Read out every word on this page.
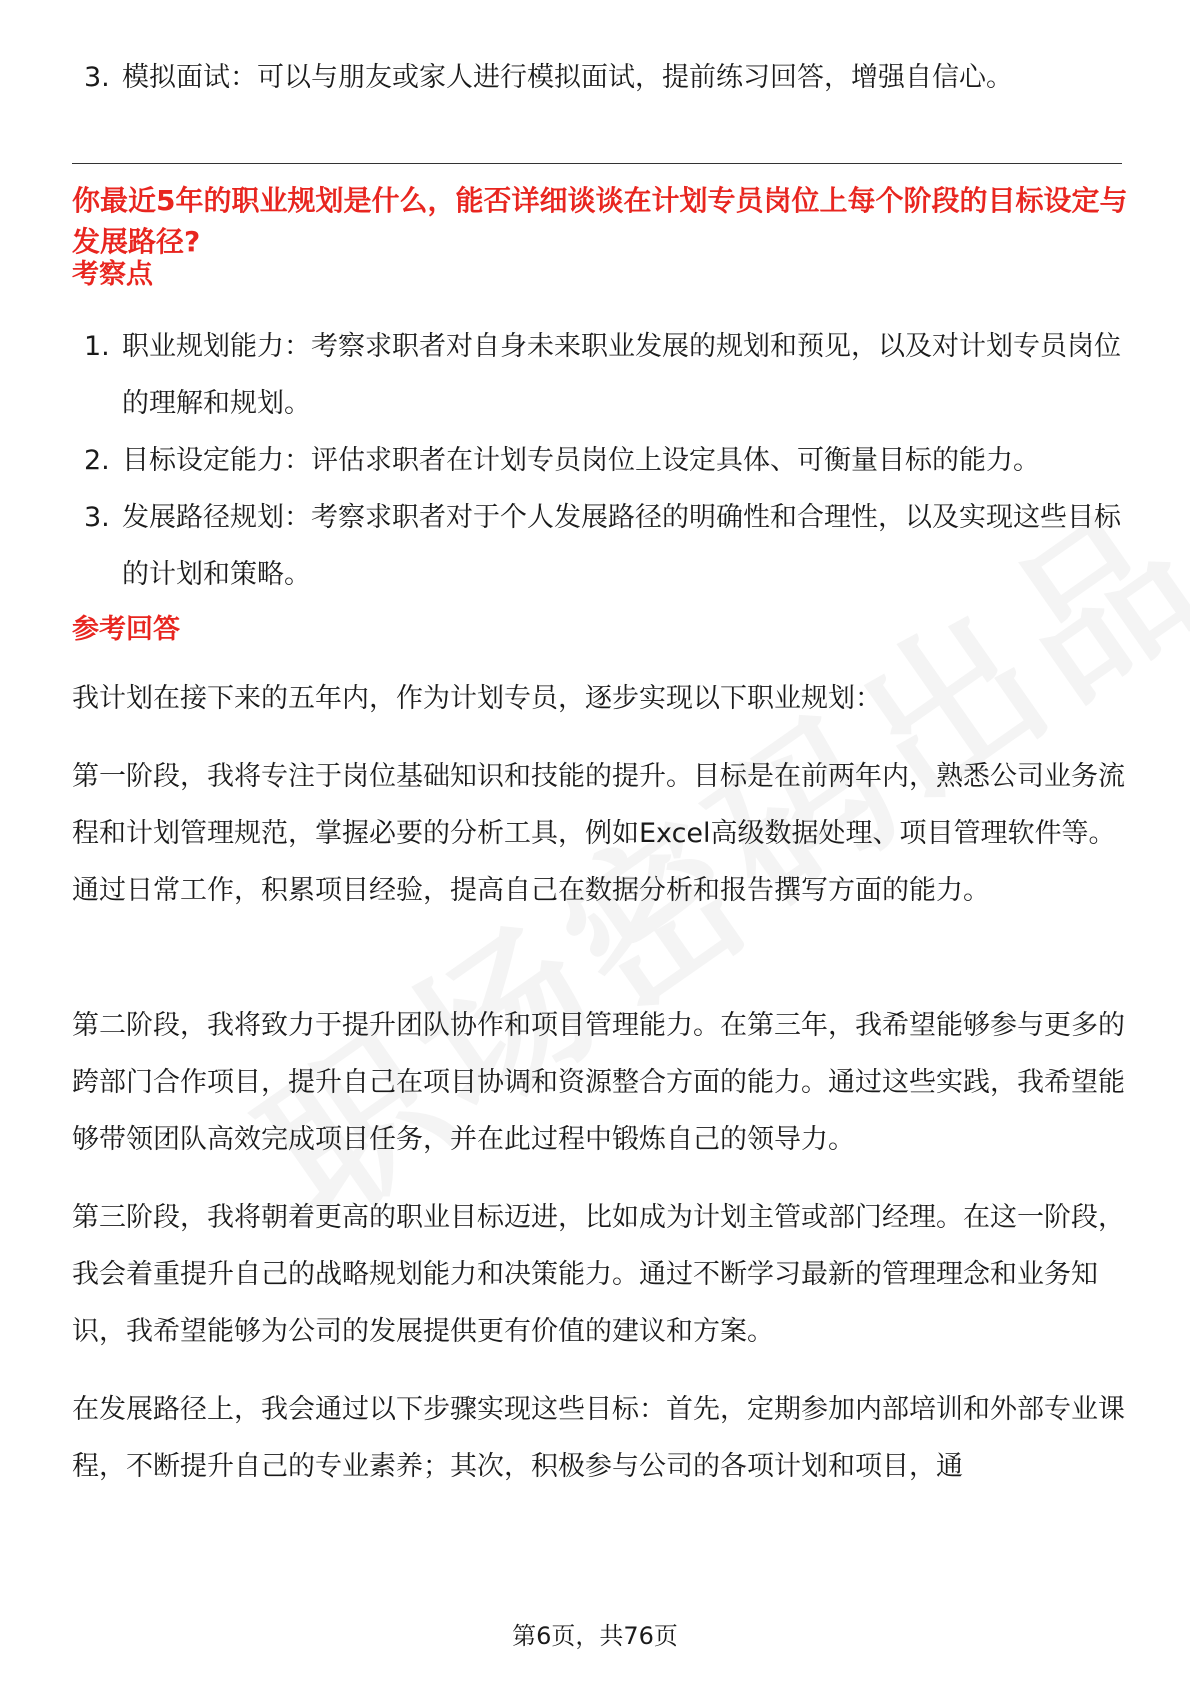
3. 模拟面试：可以与朋友或家人进行模拟面试，提前练习回答，增强自信心。
你最近5年的职业规划是什么，能否详细谈谈在计划专员岗位上每个阶段的目标设定与发展路径?
考察点
1. 职业规划能力：考察求职者对自身未来职业发展的规划和预见，以及对计划专员岗位的理解和规划。
2. 目标设定能力：评估求职者在计划专员岗位上设定具体、可衡量目标的能力。
3. 发展路径规划：考察求职者对于个人发展路径的明确性和合理性，以及实现这些目标的计划和策略。
参考回答
我计划在接下来的五年内，作为计划专员，逐步实现以下职业规划：
第一阶段，我将专注于岗位基础知识和技能的提升。目标是在前两年内，熟悉公司业务流程和计划管理规范，掌握必要的分析工具，例如Excel高级数据处理、项目管理软件等。通过日常工作，积累项目经验，提高自己在数据分析和报告撰写方面的能力。
第二阶段，我将致力于提升团队协作和项目管理能力。在第三年，我希望能够参与更多的跨部门合作项目，提升自己在项目协调和资源整合方面的能力。通过这些实践，我希望能够带领团队高效完成项目任务，并在此过程中锻炼自己的领导力。
第三阶段，我将朝着更高的职业目标迈进，比如成为计划主管或部门经理。在这一阶段，我会着重提升自己的战略规划能力和决策能力。通过不断学习最新的管理理念和业务知识，我希望能够为公司的发展提供更有价值的建议和方案。
在发展路径上，我会通过以下步骤实现这些目标：首先，定期参加内部培训和外部专业课程，不断提升自己的专业素养；其次，积极参与公司的各项计划和项目，通
第6页，共76页
